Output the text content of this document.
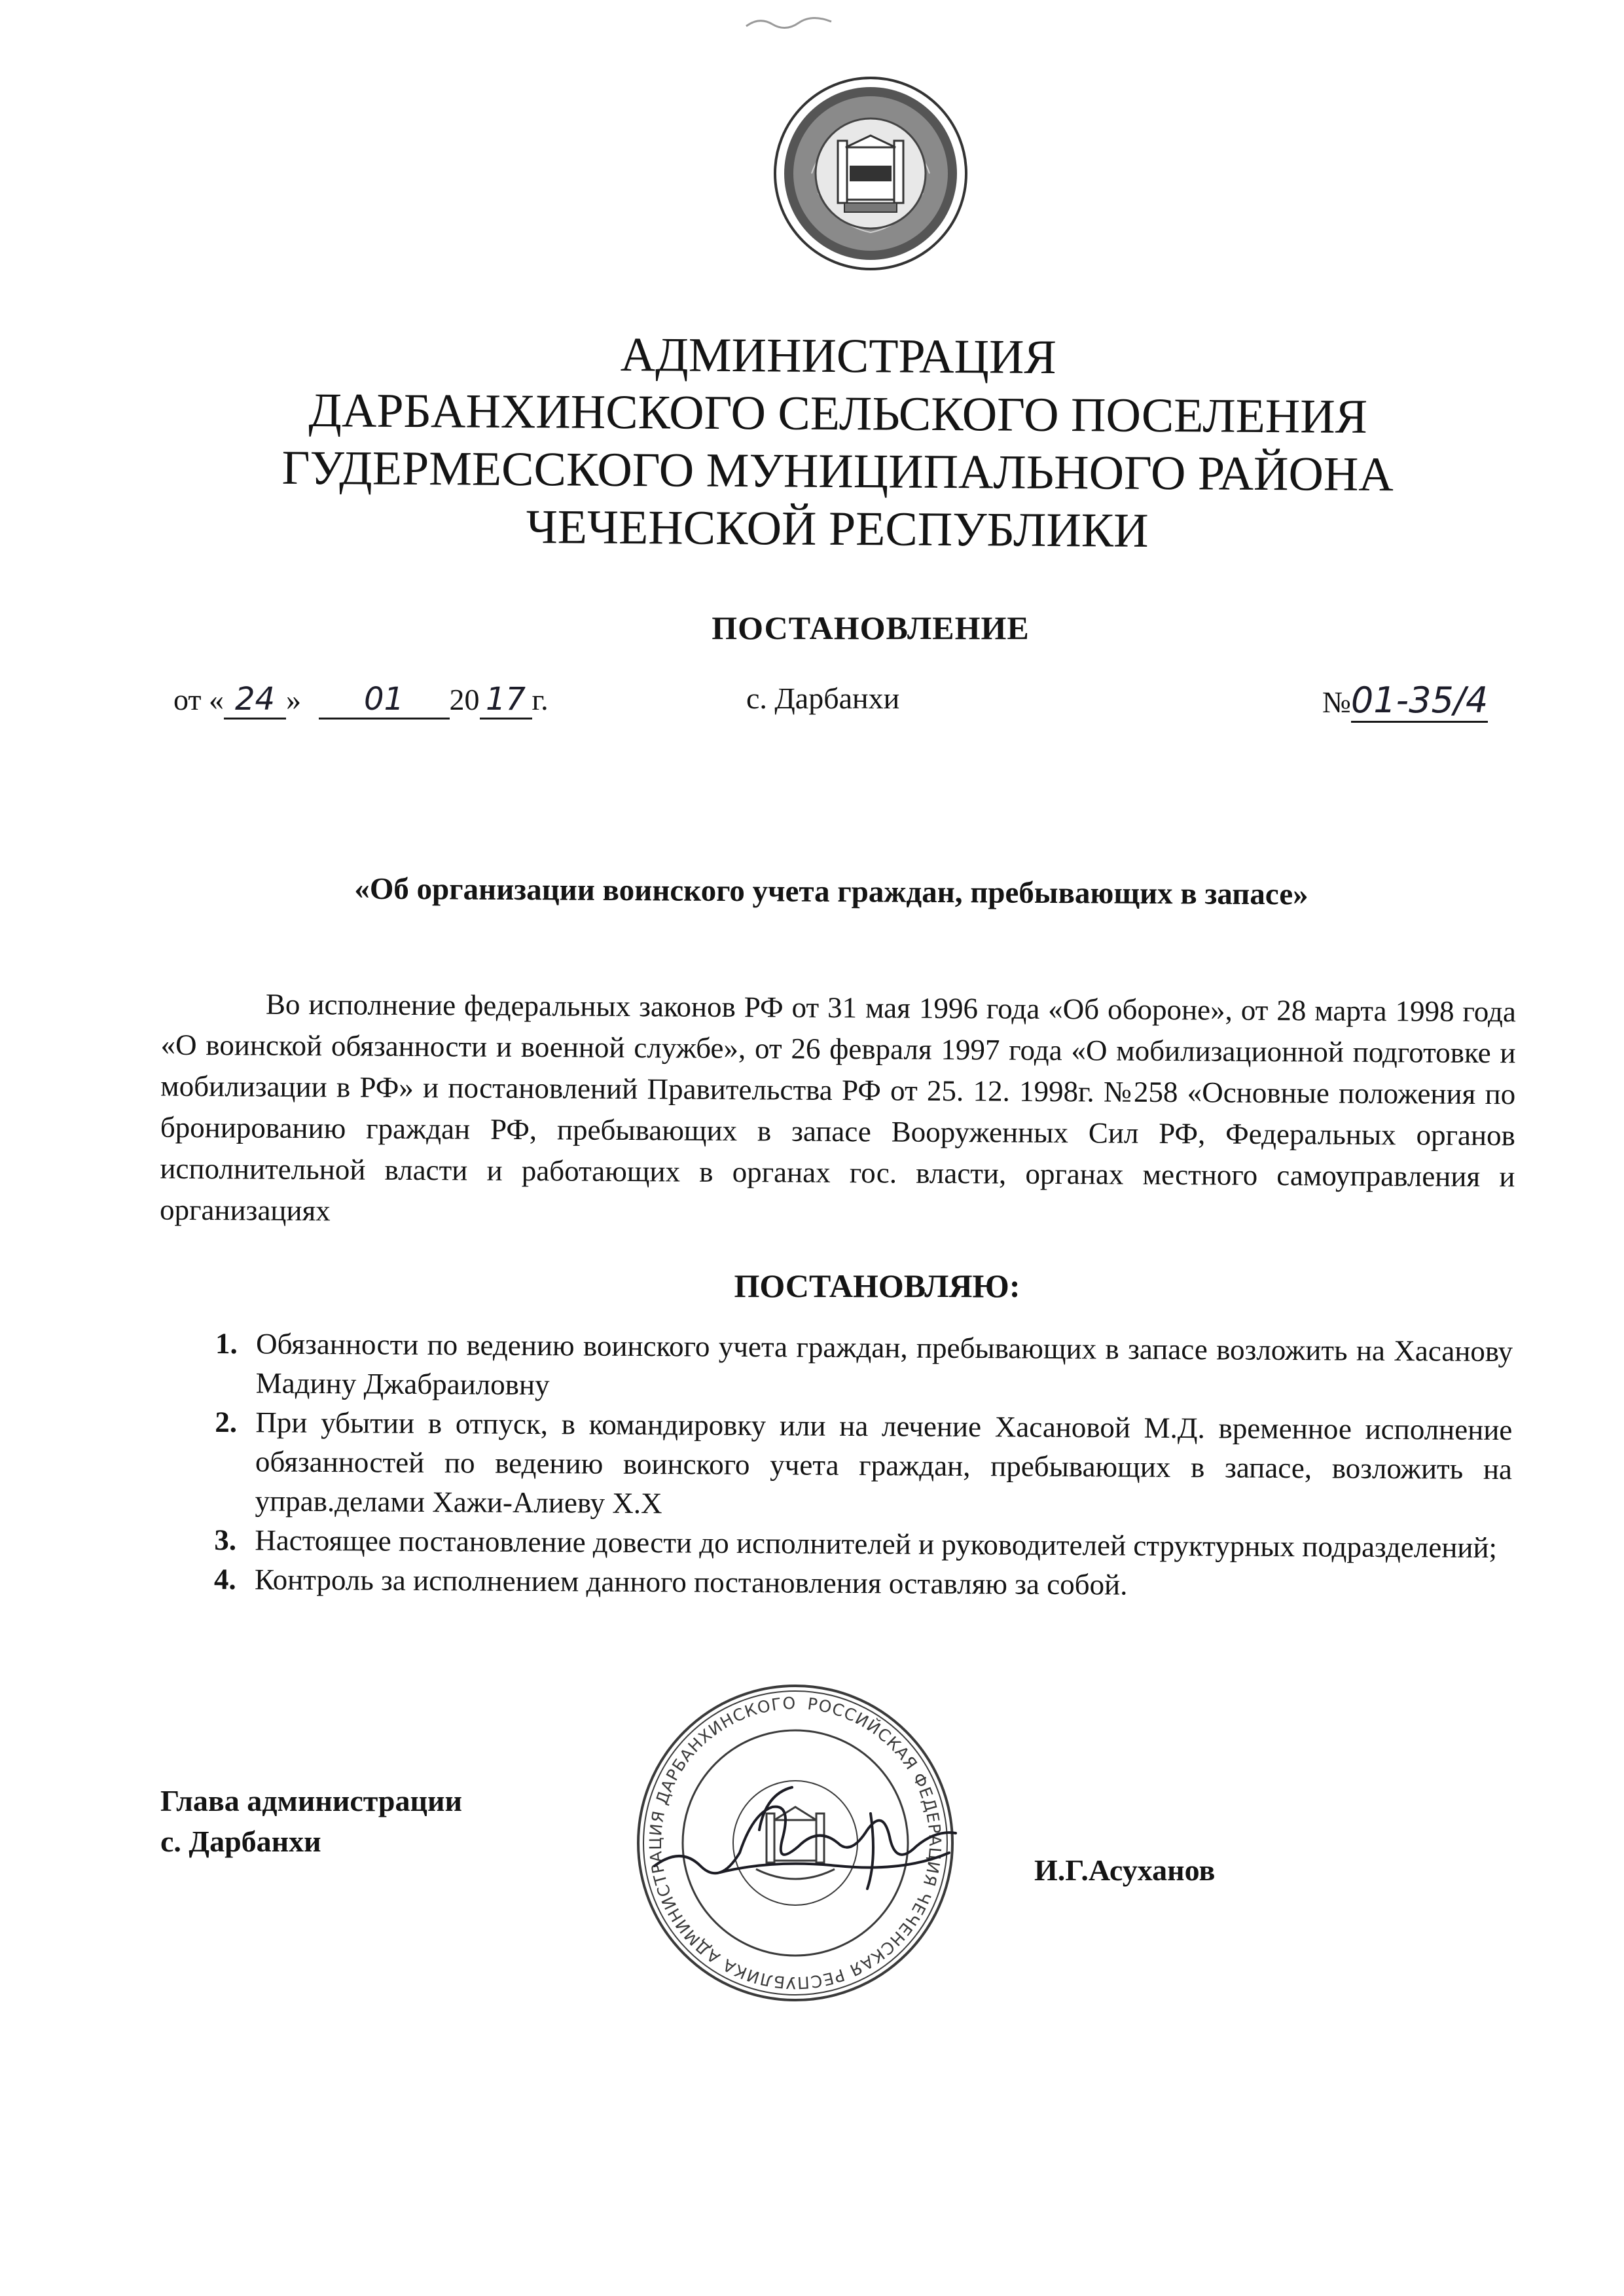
АДМИНИСТРАЦИЯ
ДАРБАНХИНСКОГО СЕЛЬСКОГО ПОСЕЛЕНИЯ
ГУДЕРМЕССКОГО МУНИЦИПАЛЬНОГО РАЙОНА
ЧЕЧЕНСКОЙ РЕСПУБЛИКИ
ПОСТАНОВЛЕНИЕ
от « 24 » 01 20 17 г.	с. Дарбанхи	№01-35/4
«Об организации воинского учета граждан, пребывающих в запасе»

Во исполнение федеральных законов РФ от 31 мая 1996 года «Об обороне», от 28 марта 1998 года «О воинской обязанности и военной службе», от 26 февраля 1997 года «О мобилизационной подготовке и мобилизации в РФ» и постановлений Правительства РФ от 25. 12. 1998г. №258 «Основные положения по бронированию граждан РФ, пребывающих в запасе Вооруженных Сил РФ, Федеральных органов исполнительной власти и работающих в органах гос. власти, органах местного самоуправления и организациях

ПОСТАНОВЛЯЮ:
1. Обязанности по ведению воинского учета граждан, пребывающих в запасе возложить на Хасанову Мадину Джабраиловну
2. При убытии в отпуск, в командировку или на лечение Хасановой М.Д. временное исполнение обязанностей по ведению воинского учета граждан, пребывающих в запасе, возложить на управ.делами Хажи-Алиеву Х.Х
3. Настоящее постановление довести до исполнителей и руководителей структурных подразделений;
4. Контроль за исполнением данного постановления оставляю за собой.
Глава администрации
с. Дарбанхи
РОССИЙСКАЯ ФЕДЕРАЦИЯ ЧЕЧЕНСКАЯ РЕСПУБЛИКА АДМИНИСТРАЦИЯ ДАРБАНХИНСКОГО
И.Г.Асуханов
